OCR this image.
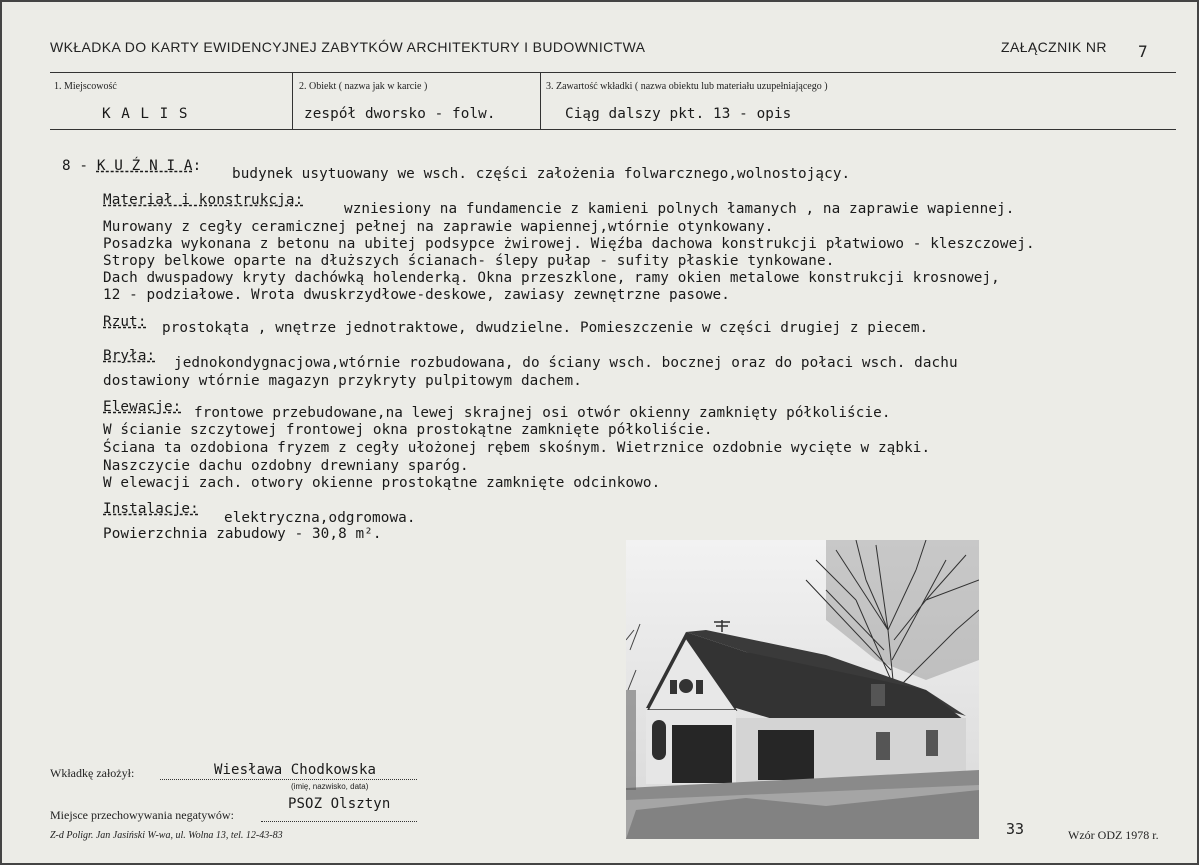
WKŁADKA DO KARTY EWIDENCYJNEJ ZABYTKÓW ARCHITEKTURY I BUDOWNICTWA	ZAŁĄCZNIK NR 7
1. Miejscowość
K A L I S
2. Obiekt ( nazwa jak w karcie )
zespół dworsko - folw.
3. Zawartość wkładki ( nazwa obiektu lub materiału uzupełniającego )
Ciąg dalszy pkt. 13 - opis
8 - K U Ź N I A: budynek usytuowany we wsch. części założenia folwarcznego,wolnostojący.
Materiał i konstrukcja:
wzniesiony na fundamencie z kamieni polnych łamanych , na zaprawie wapiennej.
Murowany z cegły ceramicznej pełnej na zaprawie wapiennej,wtórnie otynkowany.
Posadzka wykonana z betonu na ubitej podsypce żwirowej. Więźba dachowa konstrukcji płatwiowo - kleszczowej.
Stropy belkowe oparte na dłuższych ścianach- ślepy pułap - sufity płaskie tynkowane.
Dach dwuspadowy kryty dachówką holenderką. Okna przeszklone, ramy okien metalowe konstrukcji krosnowej,
12 - podziałowe. Wrota dwuskrzydłowe-deskowe, zawiasy zewnętrzne pasowe.
Rzut: prostokąta , wnętrze jednotraktowe, dwudzielne. Pomieszczenie w części drugiej z piecem.
Bryła: jednokondygnacjowa,wtórnie rozbudowana, do ściany wsch. bocznej oraz do połaci wsch. dachu
dostawiony wtórnie magazyn przykryty pulpitowym dachem.
Elewacje: frontowe przebudowane,na lewej skrajnej osi otwór okienny zamknięty półkoliście.
W ścianie szczytowej frontowej okna prostokątne zamknięte półkoliście.
Ściana ta ozdobiona fryzem z cegły ułożonej rębem skośnym. Wietrznice ozdobnie wycięte w ząbki.
Naszczycie dachu ozdobny drewniany sparóg.
W elewacji zach. otwory okienne prostokątne zamknięte odcinkowo.
Instalacje:
elektryczna,odgromowa.
Powierzchnia zabudowy - 30,8 m².
Wkładkę założył:	Wiesława Chodkowska
(imię, nazwisko, data)
Miejsce przechowywania negatywów:
PSOZ Olsztyn
Z-d Poligr. Jan Jasiński W-wa, ul. Wolna 13, tel. 12-43-83	33	Wzór ODZ 1978 r.
